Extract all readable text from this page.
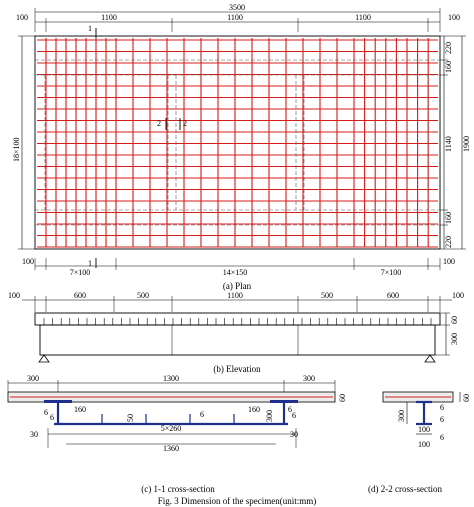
3500
100	1100	1100	1100	100
1
1
2	2
18×100
220
160
1140 1900
160
220
100
7×100	14×150	7×100
100
(a) Plan
100	600	500	1100	500	600	100
60
300
(b) Elevation
300	1300	300
160	160
6
60
300
50	6	6
30	30
5×260
1360
6
6
(c) 1-1 cross-section
60
300
6
6
100
6
100
(d) 2-2 cross-section
Fig. 3 Dimension of the specimen(unit:mm)
